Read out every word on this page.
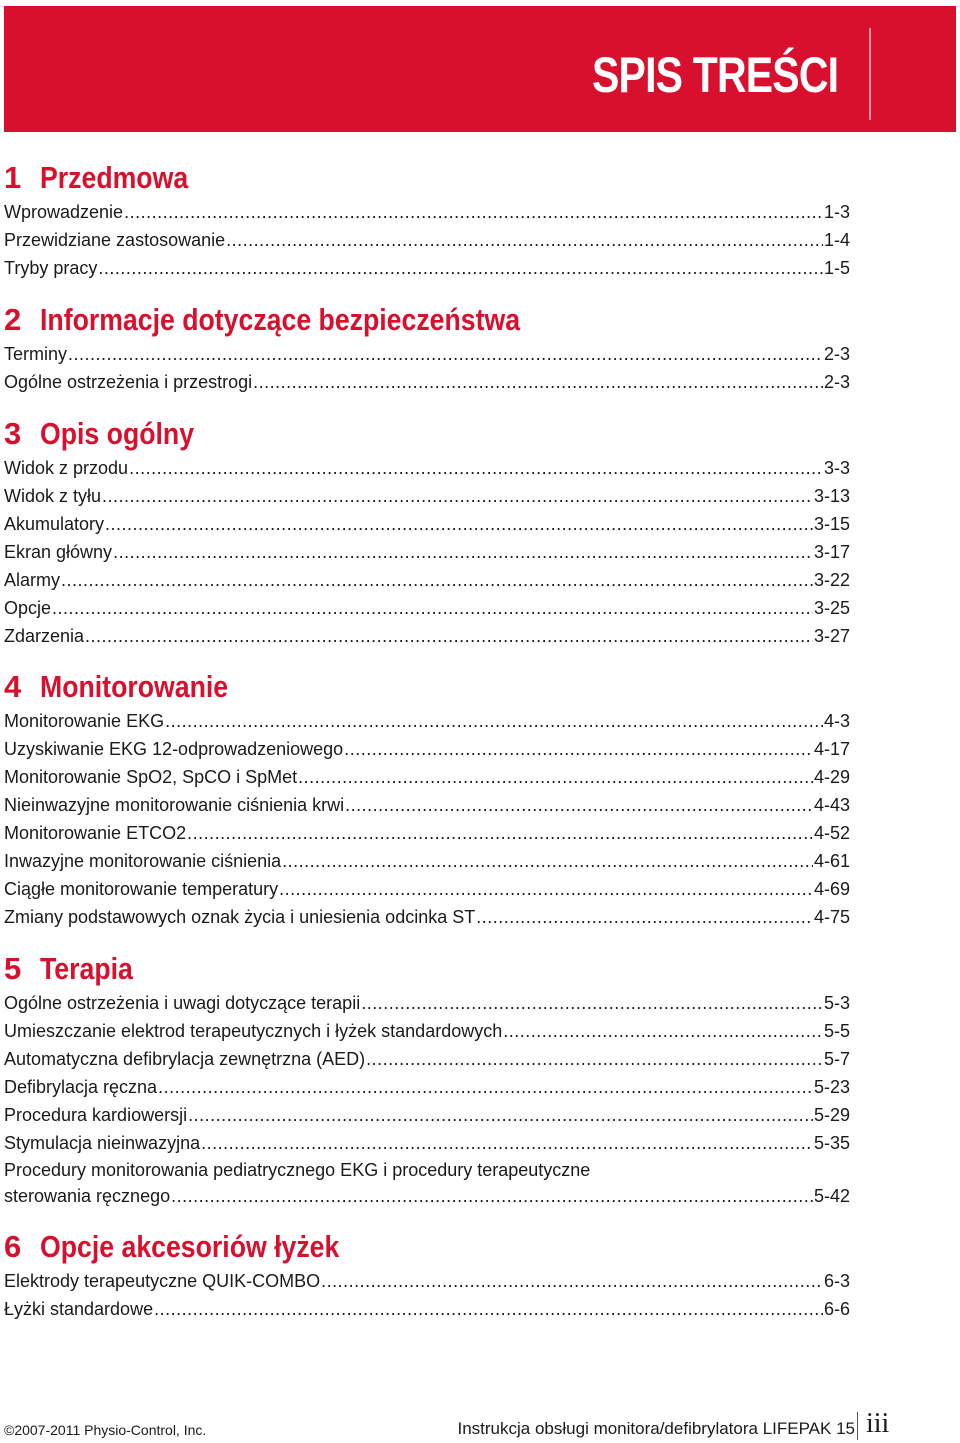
SPIS TREŚCI
1 Przedmowa
Wprowadzenie .....	1-3
Przewidziane zastosowanie .....	1-4
Tryby pracy .....	1-5
2 Informacje dotyczące bezpieczeństwa
Terminy .....	2-3
Ogólne ostrzeżenia i przestrogi .....	2-3
3 Opis ogólny
Widok z przodu .....	3-3
Widok z tyłu .....	3-13
Akumulatory .....	3-15
Ekran główny .....	3-17
Alarmy .....	3-22
Opcje .....	3-25
Zdarzenia .....	3-27
4 Monitorowanie
Monitorowanie EKG .....	4-3
Uzyskiwanie EKG 12-odprowadzeniowego .....	4-17
Monitorowanie SpO2, SpCO i SpMet .....	4-29
Nieinwazyjne monitorowanie ciśnienia krwi .....	4-43
Monitorowanie ETCO2 .....	4-52
Inwazyjne monitorowanie ciśnienia .....	4-61
Ciągłe monitorowanie temperatury .....	4-69
Zmiany podstawowych oznak życia i uniesienia odcinka ST .....	4-75
5 Terapia
Ogólne ostrzeżenia i uwagi dotyczące terapii .....	5-3
Umieszczanie elektrod terapeutycznych i łyżek standardowych .....	5-5
Automatyczna defibrylacja zewnętrzna (AED) .....	5-7
Defibrylacja ręczna .....	5-23
Procedura kardiowersji .....	5-29
Stymulacja nieinwazyjna .....	5-35
Procedury monitorowania pediatrycznego EKG i procedury terapeutyczne
sterowania ręcznego .....	5-42
6 Opcje akcesoriów łyżek
Elektrody terapeutyczne QUIK-COMBO .....	6-3
Łyżki standardowe .....	6-6
©2007-2011 Physio-Control, Inc.	Instrukcja obsługi monitora/defibrylatora LIFEPAK 15 iii
